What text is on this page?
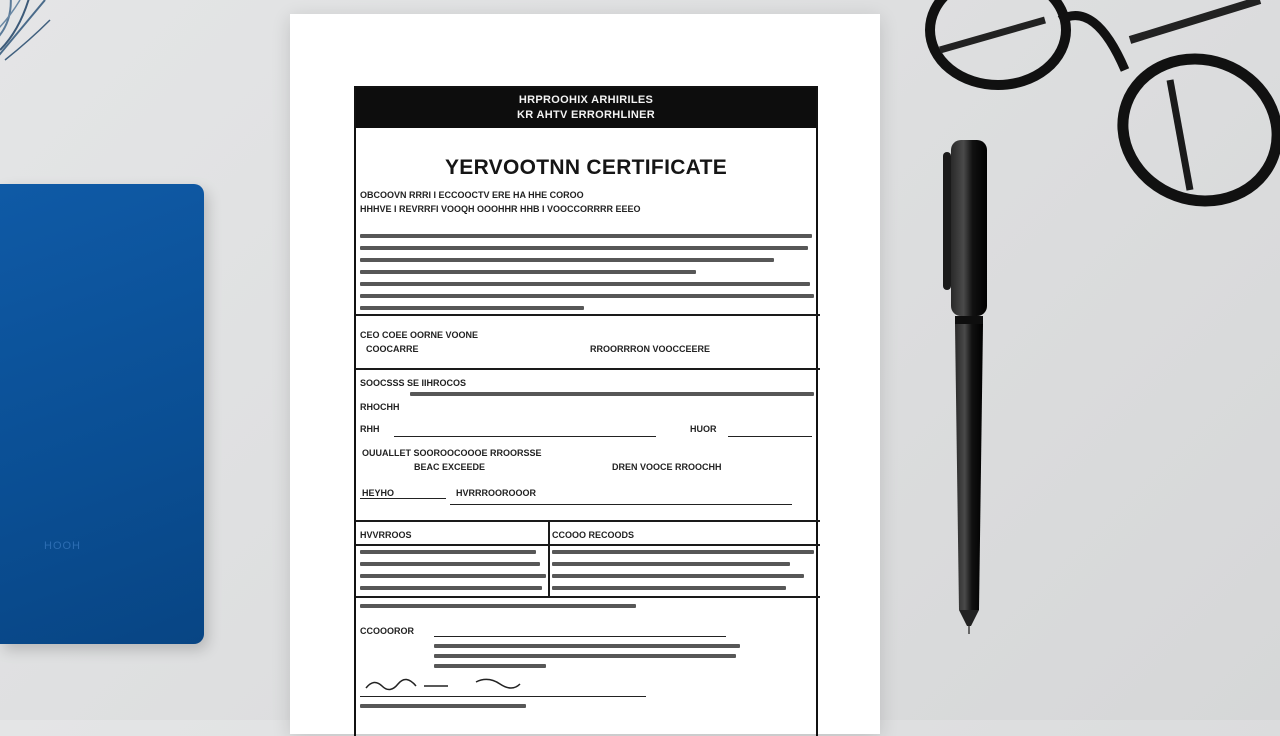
HOOH
HRPROOHIX ARHIRILES
KR AHTV ERRORHLINER
YERVOOTNN CERTIFICATE
OBCOOVN RRRI I ECCOOCTV ERE HA HHE COROO
HHHVE I REVRRFI VOOQH OOOHHR HHB I VOOCCORRRR EEEO
CEO COEE OORNE VOONE
COOCARRE	RROORRRON VOOCCEERE
SOOCSSS SE IIHROCOS
RHOCHH
RHH	HUOR
OUUALLET SOOROOCOOOE RROORSSE
BEAC EXCEEDE	DREN VOOCE RROOCHH
HEYHO	HVRRROOROOOR
HVVRROOS	CCOOO RECOODS
CCOOOROR
